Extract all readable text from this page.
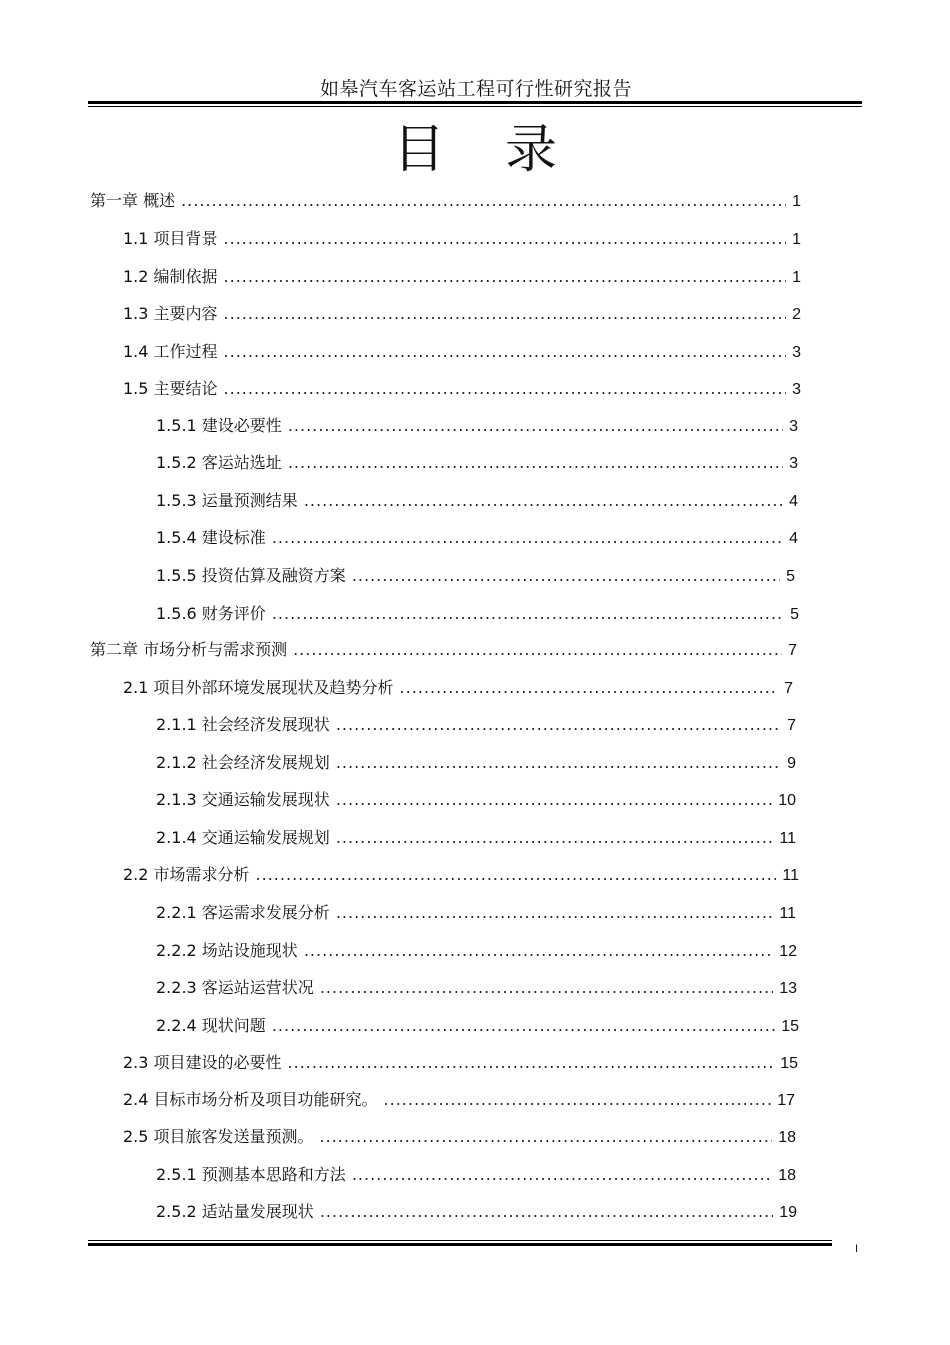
如皋汽车客运站工程可行性研究报告
目录
第一章 概述 .....	1
1.1 项目背景 .....	1
1.2 编制依据 .....	1
1.3 主要内容 .....	2
1.4 工作过程 .....	3
1.5 主要结论 .....	3
1.5.1 建设必要性 .....	3
1.5.2 客运站选址 .....	3
1.5.3 运量预测结果 .....	4
1.5.4 建设标准 .....	4
1.5.5 投资估算及融资方案 .....	5
1.5.6 财务评价 .....	5
第二章 市场分析与需求预测 .....	7
2.1 项目外部环境发展现状及趋势分析 .....	7
2.1.1 社会经济发展现状 .....	7
2.1.2 社会经济发展规划 .....	9
2.1.3 交通运输发展现状 .....	10
2.1.4 交通运输发展规划 .....	11
2.2 市场需求分析 .....	11
2.2.1 客运需求发展分析 .....	11
2.2.2 场站设施现状 .....	12
2.2.3 客运站运营状况 .....	13
2.2.4 现状问题 .....	15
2.3 项目建设的必要性 .....	15
2.4 目标市场分析及项目功能研究。 .....	17
2.5 项目旅客发送量预测。 .....	18
2.5.1 预测基本思路和方法 .....	18
2.5.2 适站量发展现状 .....	19
I
